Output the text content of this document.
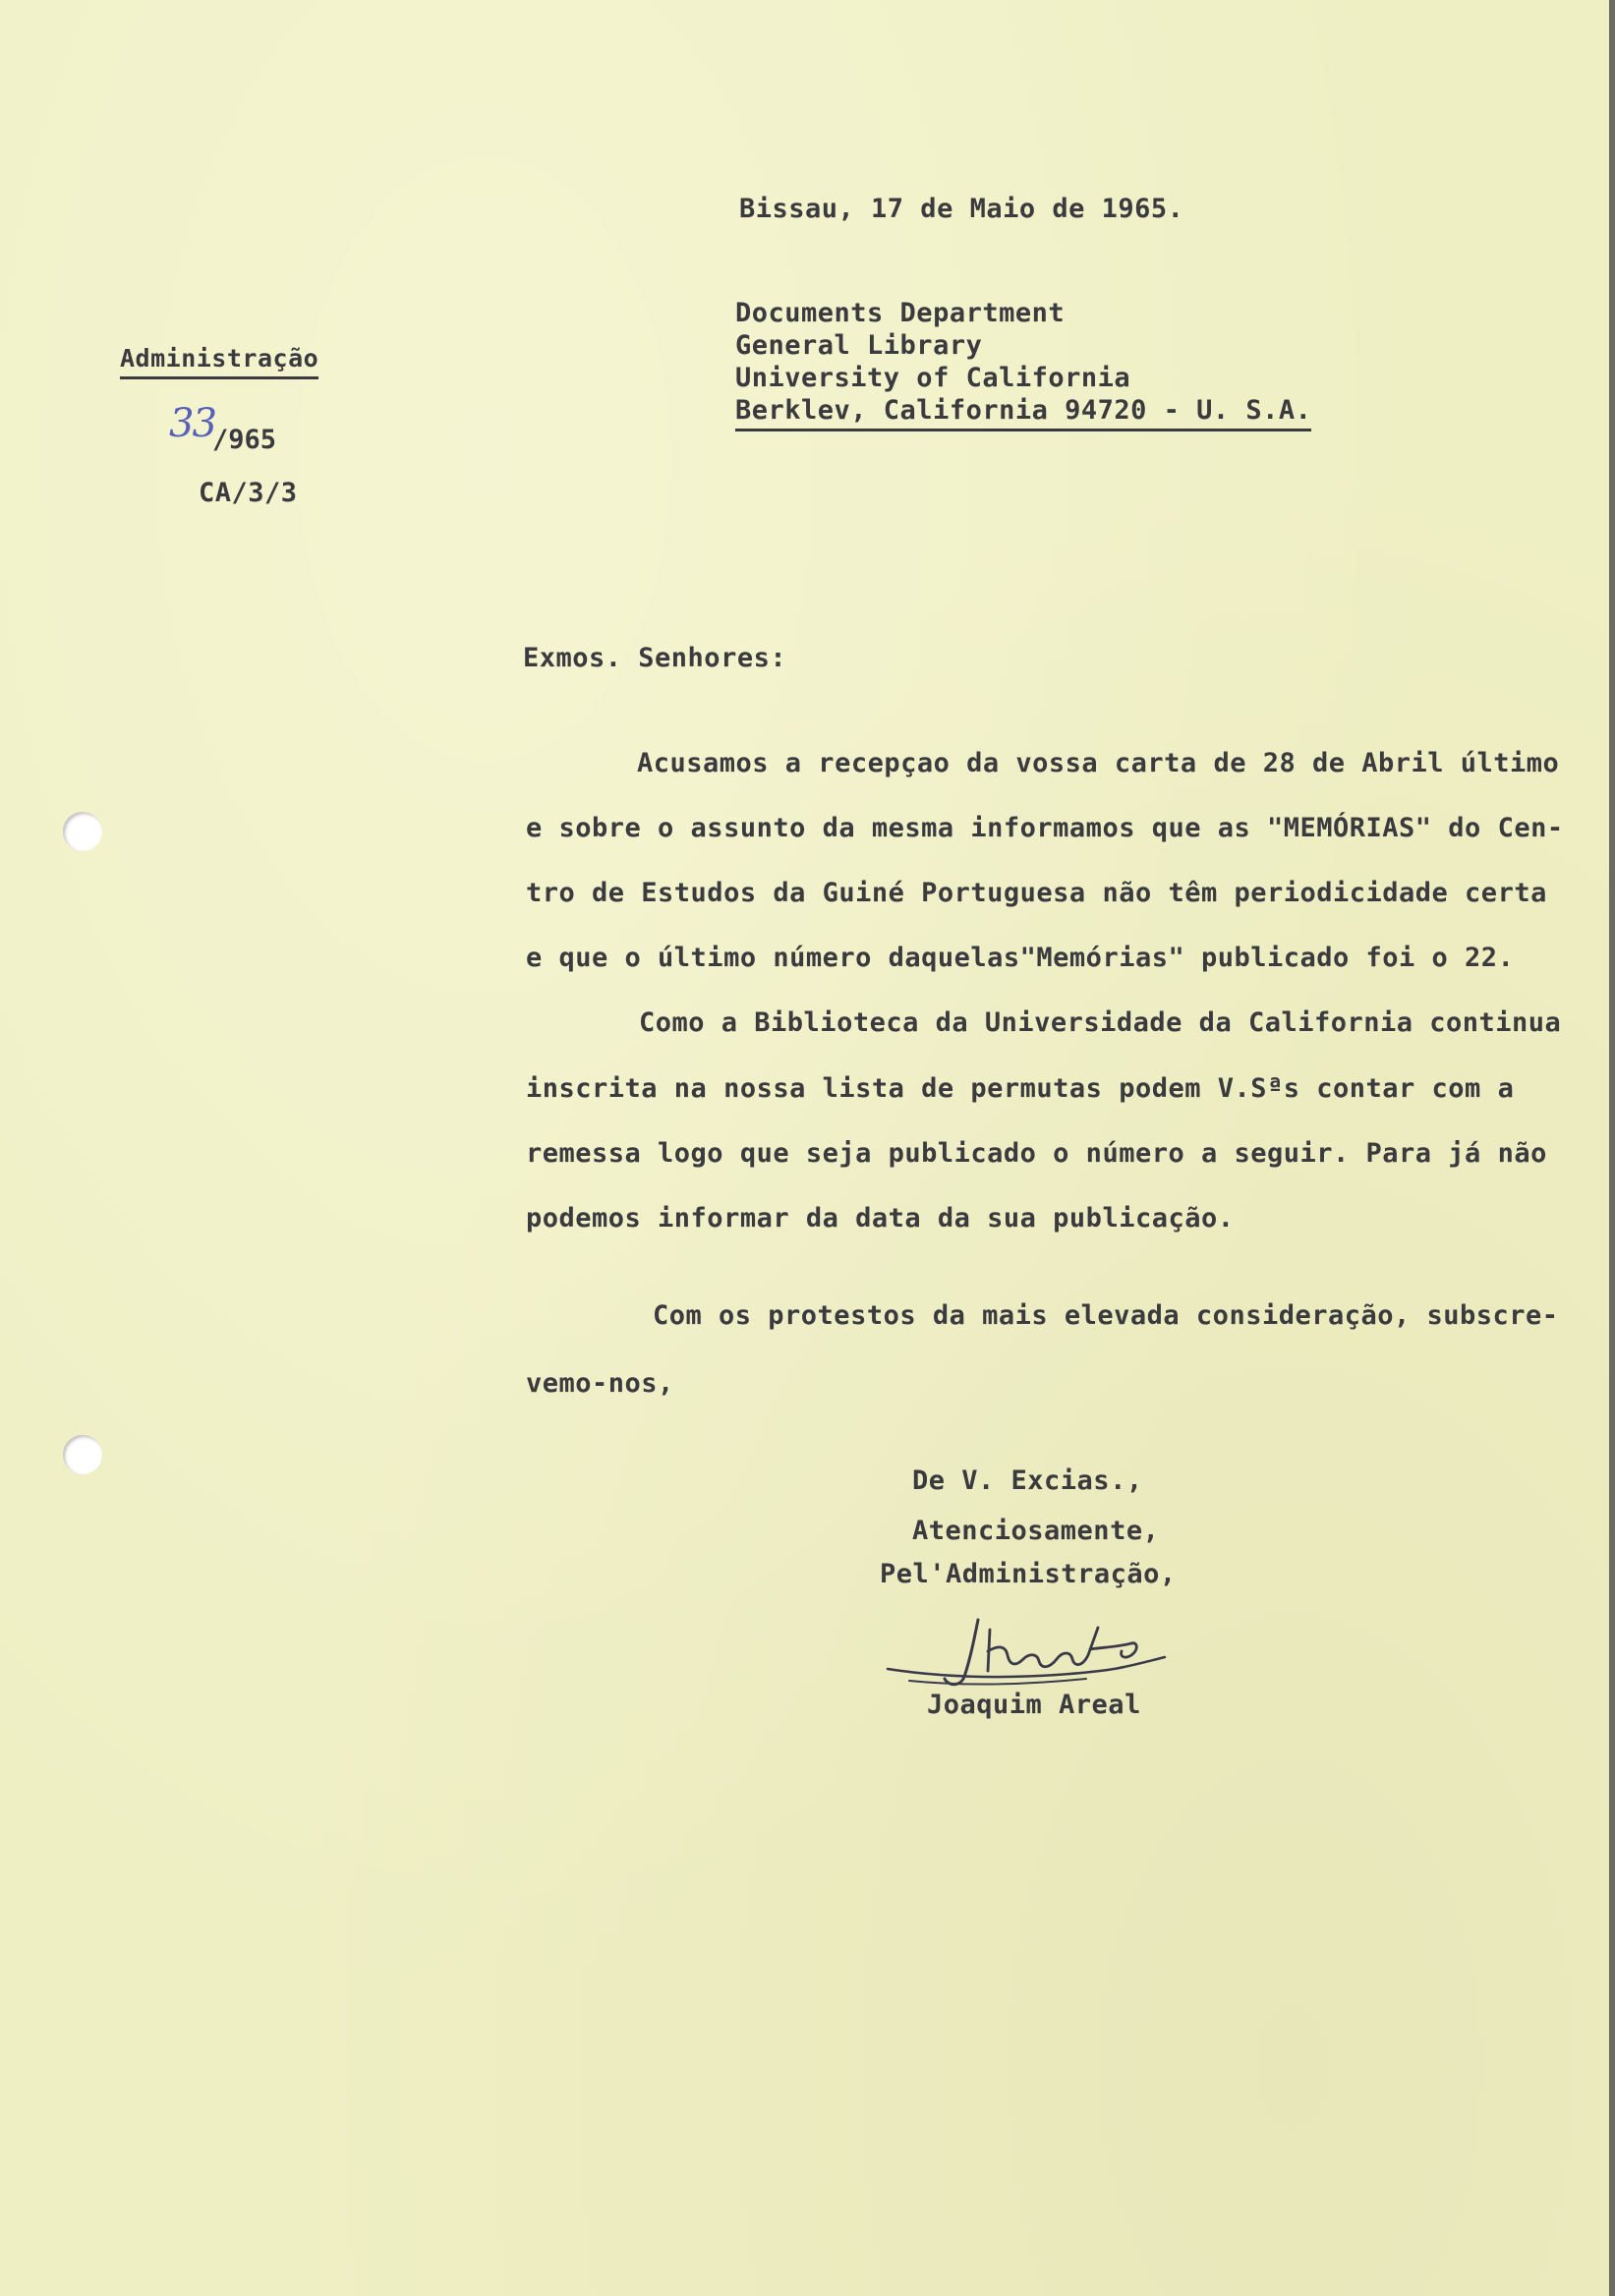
Bissau, 17 de Maio de 1965.

Documents Department

General Library

University of California

Berklev, California 94720 - U. S.A.

Administração

33
/965

CA/3/3

Exmos. Senhores:

Acusamos a recepçao da vossa carta de 28 de Abril último

e sobre o assunto da mesma informamos que as "MEMÓRIAS" do Cen-

tro de Estudos da Guiné Portuguesa não têm periodicidade certa

e que o último número daquelas"Memórias" publicado foi o 22.

Como a Biblioteca da Universidade da California continua

inscrita na nossa lista de permutas podem V.Sªs contar com a

remessa logo que seja publicado o número a seguir. Para já não

podemos informar da data da sua publicação.

Com os protestos da mais elevada consideração, subscre-

vemo-nos,

De V. Excias.,

Atenciosamente,

Pel'Administração,

Joaquim Areal
